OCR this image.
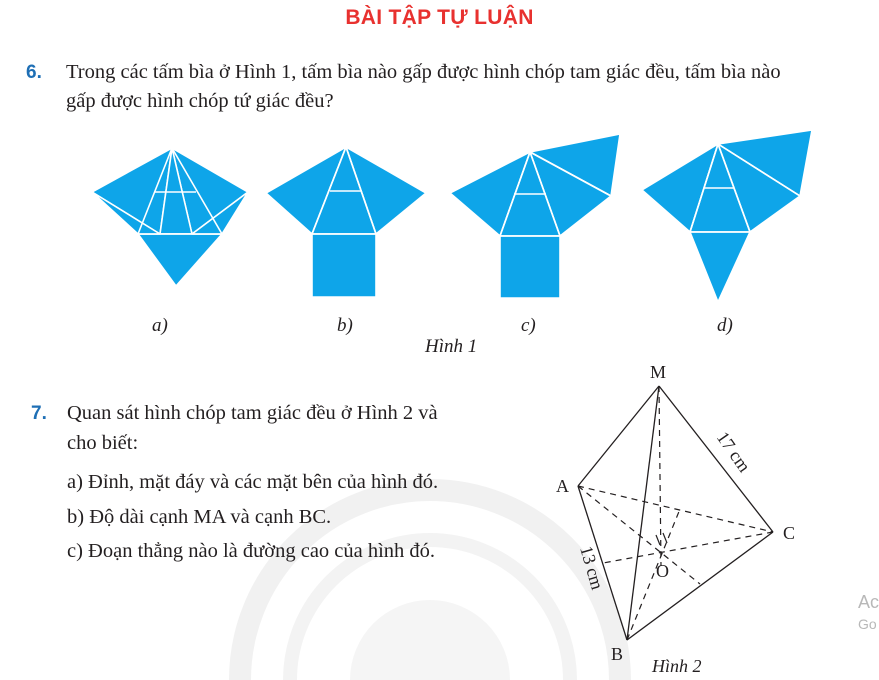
BÀI TẬP TỰ LUẬN
6. Trong các tấm bìa ở Hình 1, tấm bìa nào gấp được hình chóp tam giác đều, tấm bìa nào
gấp được hình chóp tứ giác đều?
a)	b)	c)	d)
Hình 1
7. Quan sát hình chóp tam giác đều ở Hình 2 và
cho biết:
a) Đỉnh, mặt đáy và các mặt bên của hình đó.
b) Độ dài cạnh MA và cạnh BC.
c) Đoạn thẳng nào là đường cao của hình đó.
M
A
B
C
O
17 cm
13 cm
Hình 2
Ac
Go
